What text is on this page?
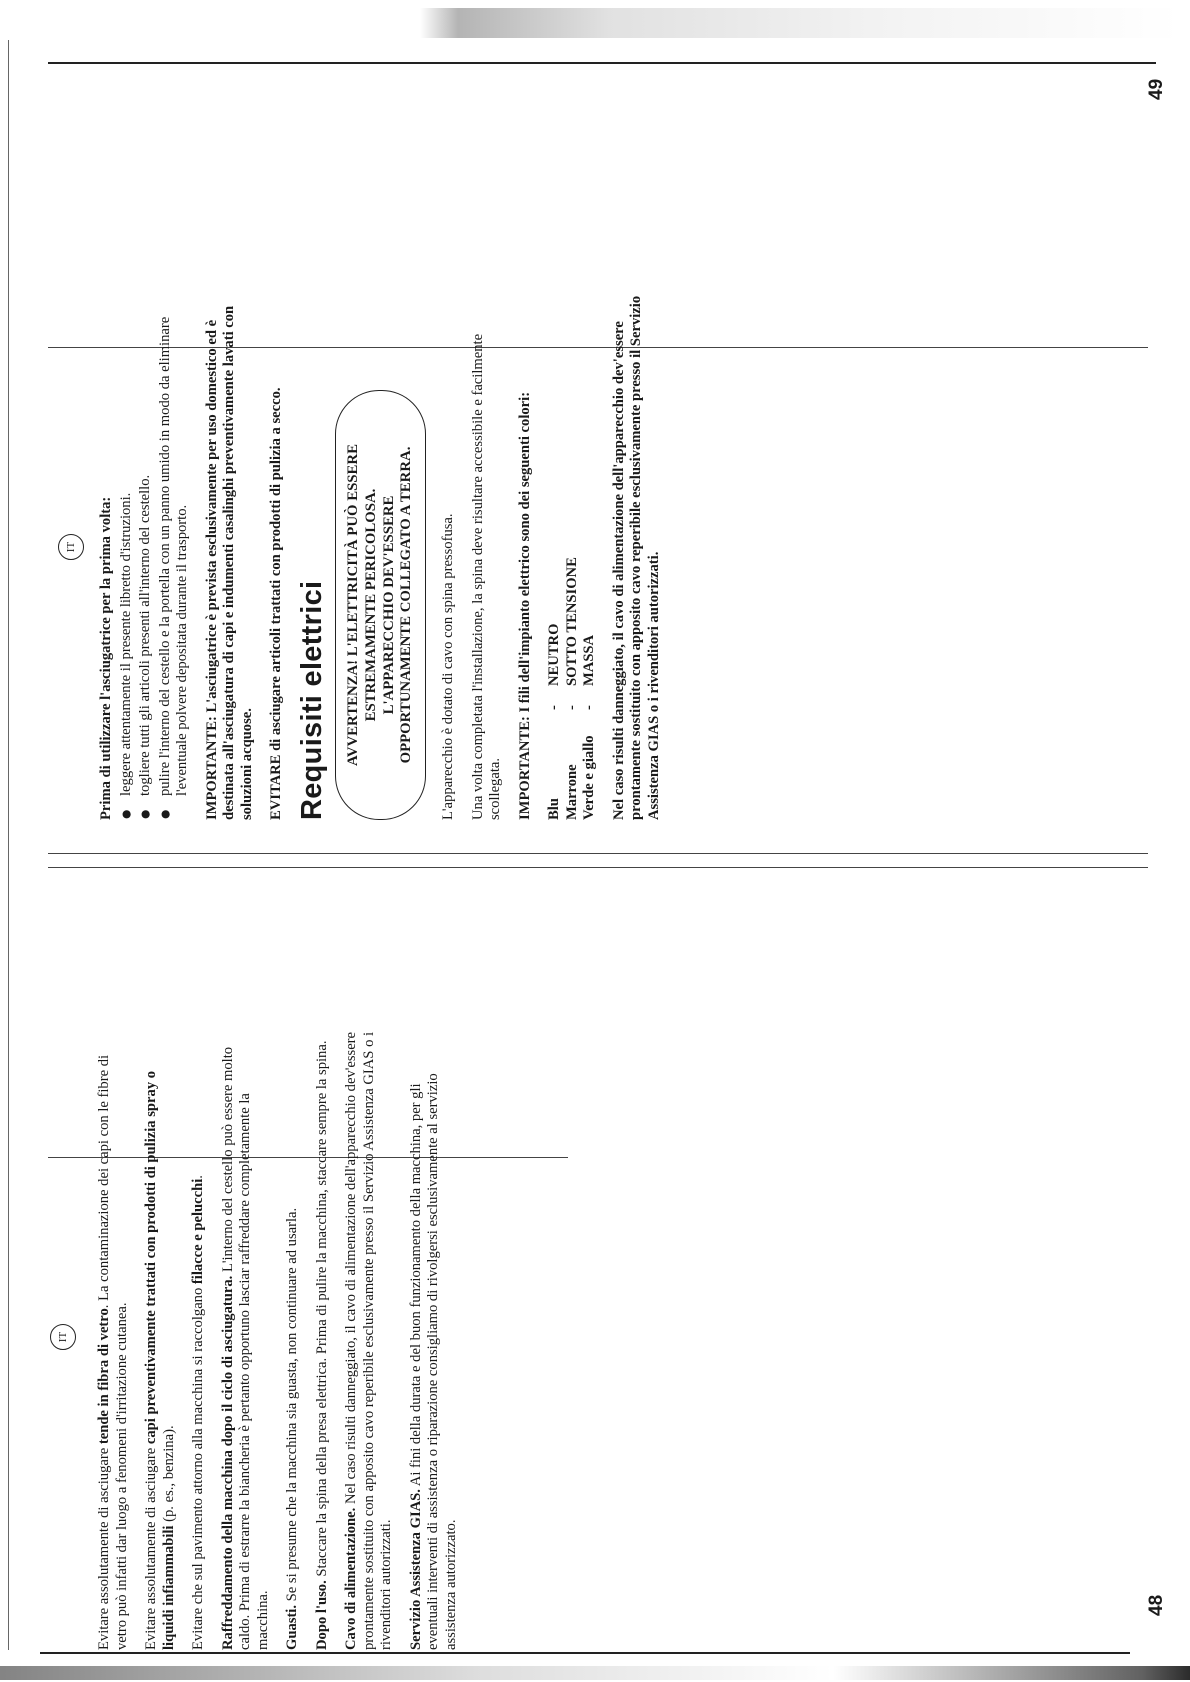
IT

Evitare assolutamente di asciugare tende in fibra di vetro. La contaminazione dei capi con le fibre di vetro può infatti dar luogo a fenomeni d'irritazione cutanea. Evitare assolutamente di asciugare capi preventivamente trattati con prodotti di pulizia spray o liquidi infiammabili (p. es., benzina). Evitare che sul pavimento attorno alla macchina si raccolgano filacce e pelucchi.

Raffreddamento della macchina dopo il ciclo di asciugatura. L'interno del cestello può essere molto caldo. Prima di estrarre la biancheria è pertanto opportuno lasciar raffreddare completamente la macchina. Guasti. Se si presume che la macchina sia guasta, non continuare ad usarla.

Dopo l'uso. Staccare la spina della presa elettrica. Prima di pulire la macchina, staccare sempre la spina. Cavo di alimentazione. Nel caso risulti danneggiato, il cavo di alimentazione dell'apparecchio dev'essere prontamente sostituito con apposito cavo reperibile esclusivamente presso il Servizio Assistenza GIAS o i rivenditori autorizzati. Servizio Assistenza GIAS. Ai fini della durata e del buon funzionamento della macchina, per gli eventuali interventi di assistenza o riparazione consigliamo di rivolgersi esclusivamente al servizio assistenza autorizzato.

IT Prima di utilizzare l'asciugatrice per la prima volta: ● leggere attentamente il presente libretto d'istruzioni. ● togliere tutti gli articoli presenti all'interno del cestello. ● pulire l'interno del cestello e la portella con un panno umido in modo da eliminare l'eventuale polvere depositata durante il trasporto. IMPORTANTE: L'asciugatrice è prevista esclusivamente per uso domestico ed è destinata all'asciugatura di capi e indumenti casalinghi preventivamente lavati con soluzioni acquose. EVITARE di asciugare articoli trattati con prodotti di pulizia a secco. Requisiti elettrici AVVERTENZA! L'ELETTRICITÀ PUÒ ESSERE ESTREMAMENTE PERICOLOSA. L'APPARECCHIO DEV'ESSERE OPPORTUNAMENTE COLLEGATO A TERRA. L'apparecchio è dotato di cavo con spina pressofusa. Una volta completata l'installazione, la spina deve risultare accessibile e facilmente scollegata. IMPORTANTE: I fili dell'impianto elettrico sono dei seguenti colori: Blu	-	NEUTRO
Marrone	-	SOTTO TENSIONE
Verde e giallo	-	MASSA Nel caso risulti danneggiato, il cavo di alimentazione dell'apparecchio dev'essere prontamente sostituito con apposito cavo reperibile esclusivamente presso il Servizio Assistenza GIAS o i rivenditori autorizzati.

48
49
